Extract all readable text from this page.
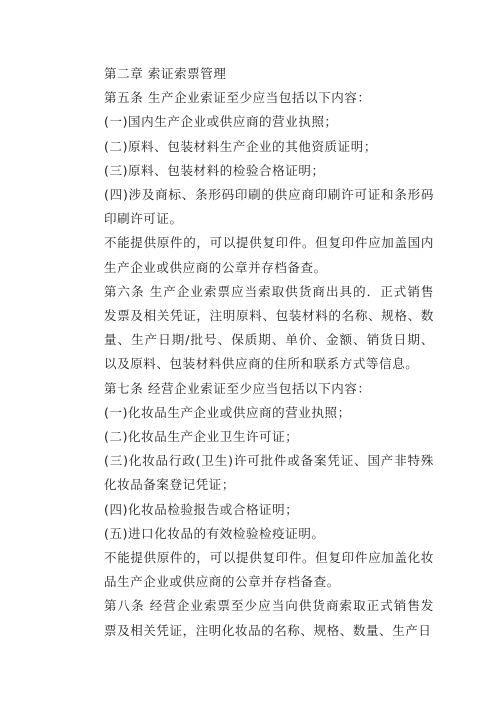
第二章 索证索票管理

第五条 生产企业索证至少应当包括以下内容：

(一)国内生产企业或供应商的营业执照；

(二)原料、包装材料生产企业的其他资质证明；

(三)原料、包装材料的检验合格证明；

(四)涉及商标、条形码印刷的供应商印刷许可证和条形码印刷许可证。

不能提供原件的，可以提供复印件。但复印件应加盖国内生产企业或供应商的公章并存档备查。

第六条 生产企业索票应当索取供货商出具的．正式销售发票及相关凭证，注明原料、包装材料的名称、规格、数量、生产日期/批号、保质期、单价、金额、销货日期、以及原料、包装材料供应商的住所和联系方式等信息。

第七条 经营企业索证至少应当包括以下内容：

(一)化妆品生产企业或供应商的营业执照；

(二)化妆品生产企业卫生许可证；

(三)化妆品行政(卫生)许可批件或备案凭证、国产非特殊化妆品备案登记凭证；

(四)化妆品检验报告或合格证明；

(五)进口化妆品的有效检验检疫证明。

不能提供原件的，可以提供复印件。但复印件应加盖化妆品生产企业或供应商的公章并存档备查。

第八条 经营企业索票至少应当向供货商索取正式销售发票及相关凭证，注明化妆品的名称、规格、数量、生产日
